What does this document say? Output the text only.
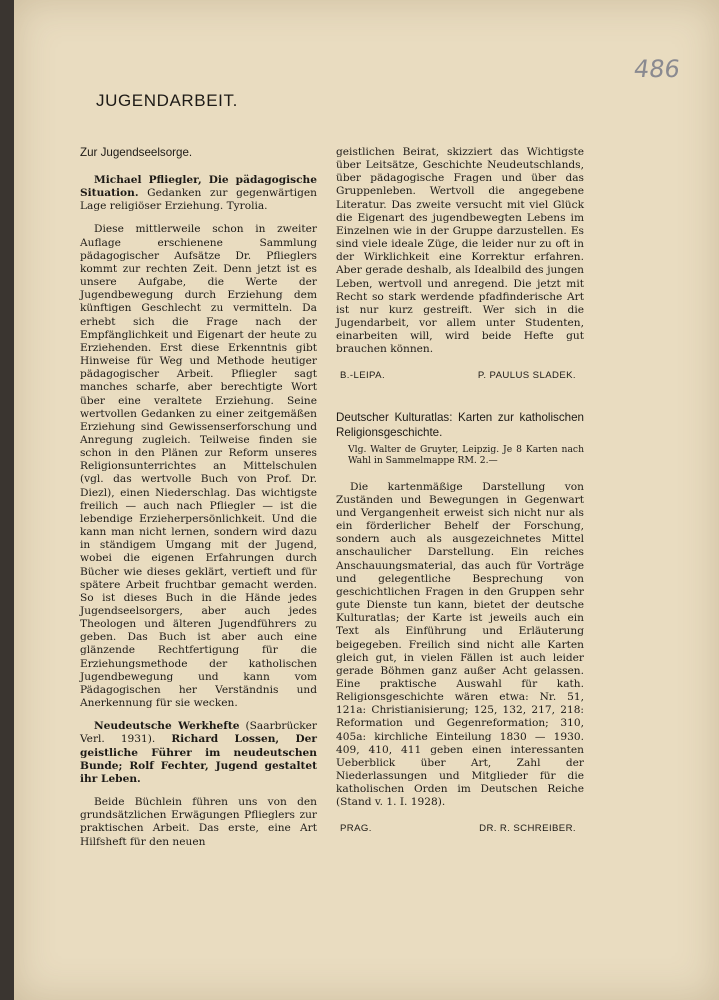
486
JUGENDARBEIT.
Zur Jugendseelsorge.

Michael Pfliegler, Die pädagogische Situation. Gedanken zur gegenwärtigen Lage religiöser Erziehung. Tyrolia.

Diese mittlerweile schon in zweiter Auflage erschienene Sammlung pädagogischer Aufsätze Dr. Pflieglers kommt zur rechten Zeit. Denn jetzt ist es unsere Aufgabe, die Werte der Jugendbewegung durch Erziehung dem künftigen Geschlecht zu vermitteln. Da erhebt sich die Frage nach der Empfänglichkeit und Eigenart der heute zu Erziehenden. Erst diese Erkenntnis gibt Hinweise für Weg und Methode heutiger pädagogischer Arbeit. Pfliegler sagt manches scharfe, aber berechtigte Wort über eine veraltete Erziehung. Seine wertvollen Gedanken zu einer zeitgemäßen Erziehung sind Gewissenserforschung und Anregung zugleich. Teilweise finden sie schon in den Plänen zur Reform unseres Religionsunterrichtes an Mittelschulen (vgl. das wertvolle Buch von Prof. Dr. Diezl), einen Niederschlag. Das wichtigste freilich — auch nach Pfliegler — ist die lebendige Erzieherpersönlichkeit. Und die kann man nicht lernen, sondern wird dazu in ständigem Umgang mit der Jugend, wobei die eigenen Erfahrungen durch Bücher wie dieses geklärt, vertieft und für spätere Arbeit fruchtbar gemacht werden. So ist dieses Buch in die Hände jedes Jugendseelsorgers, aber auch jedes Theologen und älteren Jugendführers zu geben. Das Buch ist aber auch eine glänzende Rechtfertigung für die Erziehungsmethode der katholischen Jugendbewegung und kann vom Pädagogischen her Verständnis und Anerkennung für sie wecken.

Neudeutsche Werkhefte (Saarbrücker Verl. 1931). Richard Lossen, Der geistliche Führer im neudeutschen Bunde; Rolf Fechter, Jugend gestaltet ihr Leben.

Beide Büchlein führen uns von den grundsätzlichen Erwägungen Pflieglers zur praktischen Arbeit. Das erste, eine Art Hilfsheft für den neuen

geistlichen Beirat, skizziert das Wichtigste über Leitsätze, Geschichte Neudeutschlands, über pädagogische Fragen und über das Gruppenleben. Wertvoll die angegebene Literatur. Das zweite versucht mit viel Glück die Eigenart des jugendbewegten Lebens im Einzelnen wie in der Gruppe darzustellen. Es sind viele ideale Züge, die leider nur zu oft in der Wirklichkeit eine Korrektur erfahren. Aber gerade deshalb, als Idealbild des jungen Leben, wertvoll und anregend. Die jetzt mit Recht so stark werdende pfadfinderische Art ist nur kurz gestreift. Wer sich in die Jugendarbeit, vor allem unter Studenten, einarbeiten will, wird beide Hefte gut brauchen können.

B.-LEIPA.	P. PAULUS SLADEK.
Deutscher Kulturatlas: Karten zur katholischen Religionsgeschichte.

Vlg. Walter de Gruyter, Leipzig. Je 8 Karten nach Wahl in Sammelmappe RM. 2.—

Die kartenmäßige Darstellung von Zuständen und Bewegungen in Gegenwart und Vergangenheit erweist sich nicht nur als ein förderlicher Behelf der Forschung, sondern auch als ausgezeichnetes Mittel anschaulicher Darstellung. Ein reiches Anschauungsmaterial, das auch für Vorträge und gelegentliche Besprechung von geschichtlichen Fragen in den Gruppen sehr gute Dienste tun kann, bietet der deutsche Kulturatlas; der Karte ist jeweils auch ein Text als Einführung und Erläuterung beigegeben. Freilich sind nicht alle Karten gleich gut, in vielen Fällen ist auch leider gerade Böhmen ganz außer Acht gelassen. Eine praktische Auswahl für kath. Religionsgeschichte wären etwa: Nr. 51, 121a: Christianisierung; 125, 132, 217, 218: Reformation und Gegenreformation; 310, 405a: kirchliche Einteilung 1830 — 1930. 409, 410, 411 geben einen interessanten Ueberblick über Art, Zahl der Niederlassungen und Mitglieder für die katholischen Orden im Deutschen Reiche (Stand v. 1. I. 1928).

PRAG.	DR. R. SCHREIBER.
